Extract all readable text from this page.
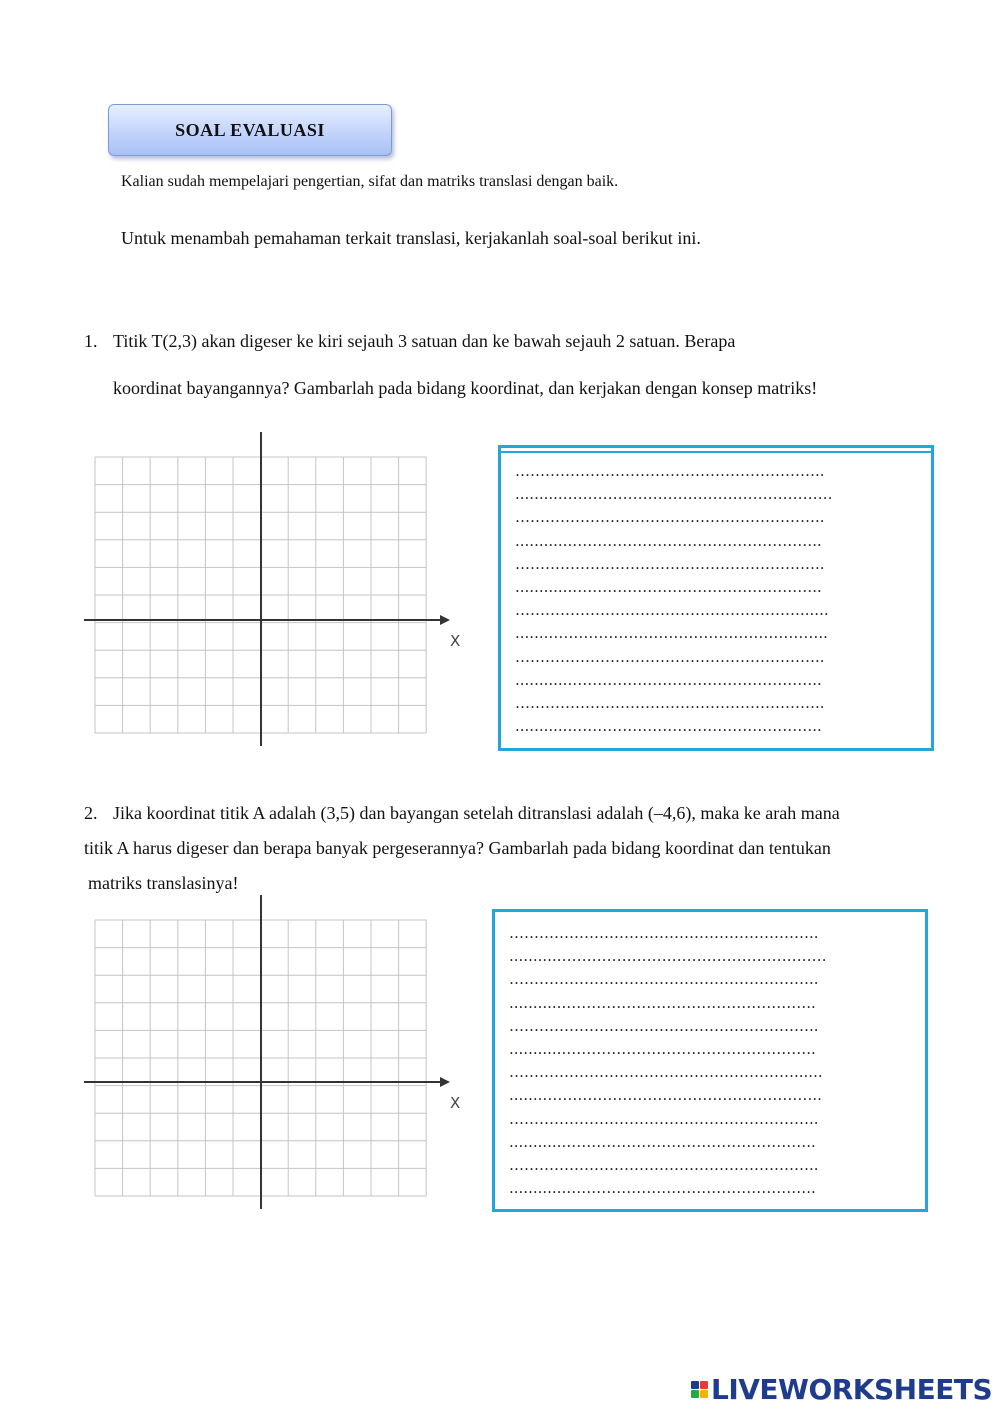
SOAL EVALUASI
Kalian sudah mempelajari pengertian, sifat dan matriks translasi dengan baik.
Untuk menambah pemahaman terkait translasi, kerjakanlah soal-soal berikut ini.
1. Titik T(2,3) akan digeser ke kiri sejauh 3 satuan dan ke bawah sejauh 2 satuan. Berapa
koordinat bayangannya? Gambarlah pada bidang koordinat, dan kerjakan dengan konsep matriks!
X
……………………………………………………..
..........………………………………………………
……………………………………………………..
............…………………………………………..
……………………………………………………..
............…………………………………………..
…………………………………………………......
.......………………………………………………..
……………………………………………………..
............…………………………………………..
……………………………………………………..
............…………………………………………..
2. Jika koordinat titik A adalah (3,5) dan bayangan setelah ditranslasi adalah (–4,6), maka ke arah mana
titik A harus digeser dan berapa banyak pergeserannya? Gambarlah pada bidang koordinat dan tentukan
matriks translasinya!
X
……………………………………………………..
..........………………………………………………
……………………………………………………..
............…………………………………………..
……………………………………………………..
............…………………………………………..
…………………………………………………......
.......………………………………………………..
……………………………………………………..
............…………………………………………..
……………………………………………………..
............…………………………………………..
LIVEWORKSHEETS
